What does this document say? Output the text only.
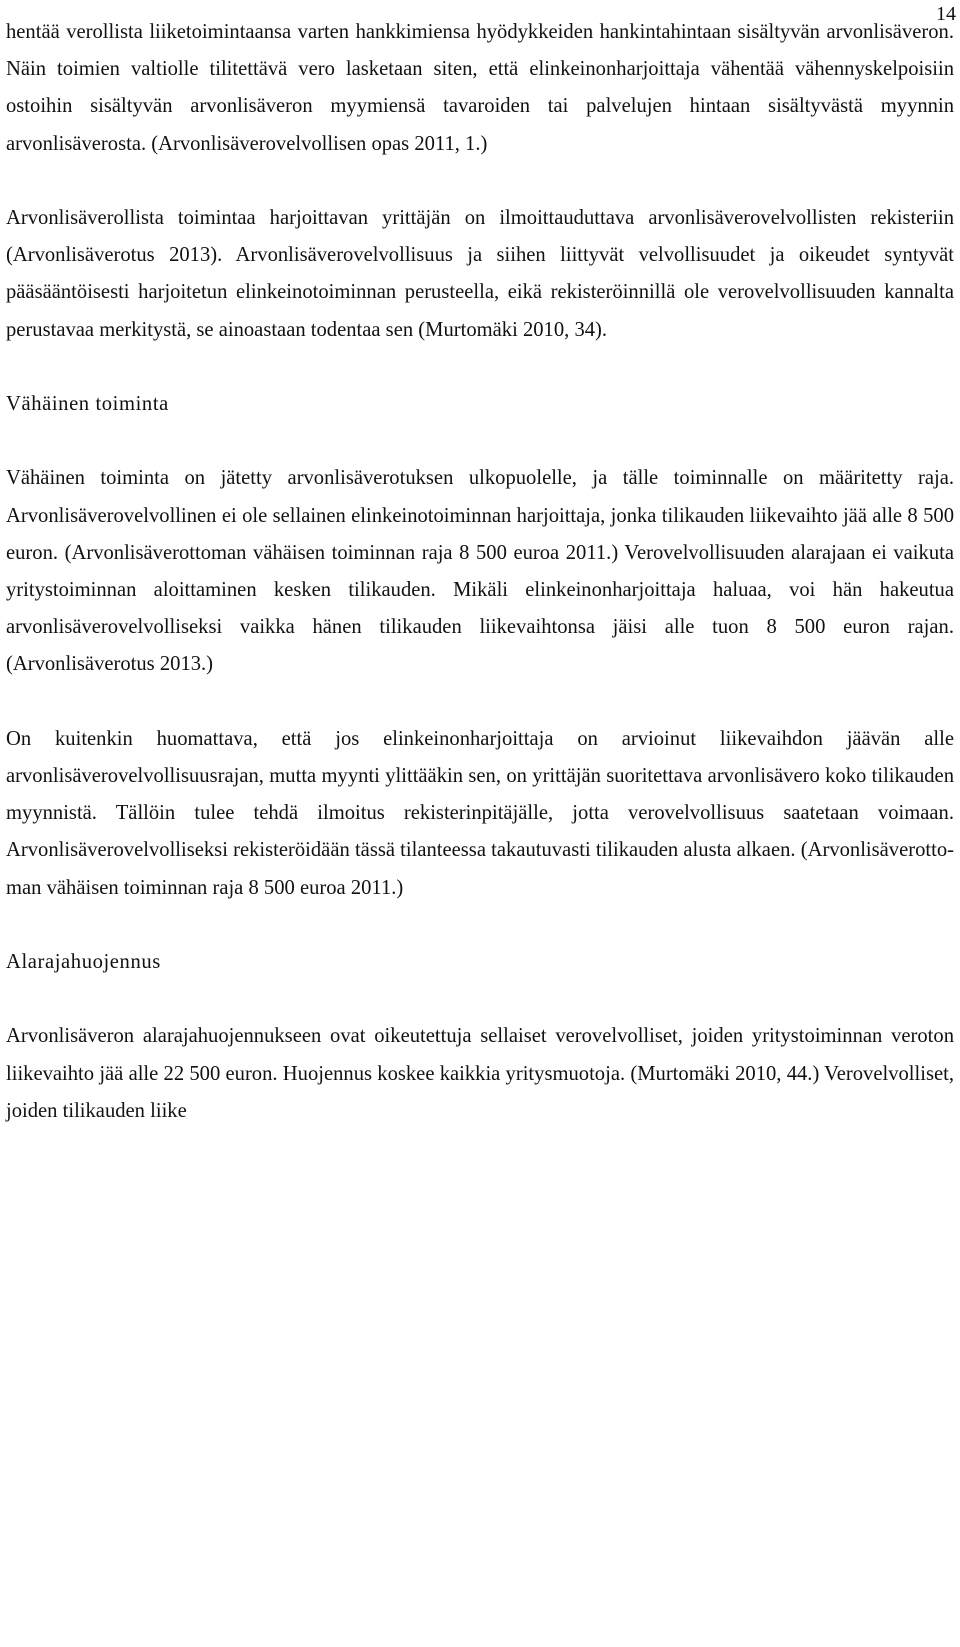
14

hentää verollista liiketoimintaansa varten hankkimiensa hyödykkeiden hankintahintaan sisältyvän arvonlisäveron. Näin toimien valtiolle tilitettävä vero lasketaan siten, että elinkeinonharjoittaja vähentää vähennyskelpoisiin ostoihin sisältyvän arvonlisäveron myymiensä tavaroiden tai palvelujen hintaan sisältyvästä myynnin arvonlisäverosta. (Arvonlisäverovelvollisen opas 2011, 1.)

Arvonlisäverollista toimintaa harjoittavan yrittäjän on ilmoittauduttava arvonlisäverovelvollisten rekisteriin (Arvonlisäverotus 2013). Arvonlisäverovelvollisuus ja siihen liittyvät velvollisuudet ja oikeudet syntyvät pääsääntöisesti harjoitetun elinkeinotoiminnan perusteella, eikä rekisteröinnillä ole verovelvollisuuden kannalta perustavaa merkitystä, se ainoastaan todentaa sen (Murtomäki 2010, 34).

Vähäinen toiminta

Vähäinen toiminta on jätetty arvonlisäverotuksen ulkopuolelle, ja tälle toiminnalle on määritetty raja. Arvonlisäverovelvollinen ei ole sellainen elinkeinotoiminnan harjoittaja, jonka tilikauden liikevaihto jää alle 8 500 euron. (Arvonlisäverottoman vähäisen toiminnan raja 8 500 euroa 2011.) Verovelvollisuuden alarajaan ei vaikuta yritystoiminnan aloittaminen kesken tilikauden. Mikäli elinkeinonharjoittaja haluaa, voi hän hakeutua arvonlisäverovelvolliseksi vaikka hänen tilikauden liikevaihtonsa jäisi alle tuon 8 500 euron rajan. (Arvonlisäverotus 2013.)

On kuitenkin huomattava, että jos elinkeinonharjoittaja on arvioinut liikevaihdon jäävän alle arvonlisäverovelvollisuusrajan, mutta myynti ylittääkin sen, on yrittäjän suoritettava arvonlisävero koko tilikauden myynnistä. Tällöin tulee tehdä ilmoitus rekisterinpitäjälle, jotta verovelvollisuus saatetaan voimaan. Arvonlisäverovelvolliseksi rekisteröidään tässä tilanteessa takautuvasti tilikauden alusta alkaen. (Arvonlisäverottoman vähäisen toiminnan raja 8 500 euroa 2011.)

Alarajahuojennus

Arvonlisäveron alarajahuojennukseen ovat oikeutettuja sellaiset verovelvolliset, joiden yritystoiminnan veroton liikevaihto jää alle 22 500 euron. Huojennus koskee kaikkia yritysmuotoja. (Murtomäki 2010, 44.) Verovelvolliset, joiden tilikauden liike
